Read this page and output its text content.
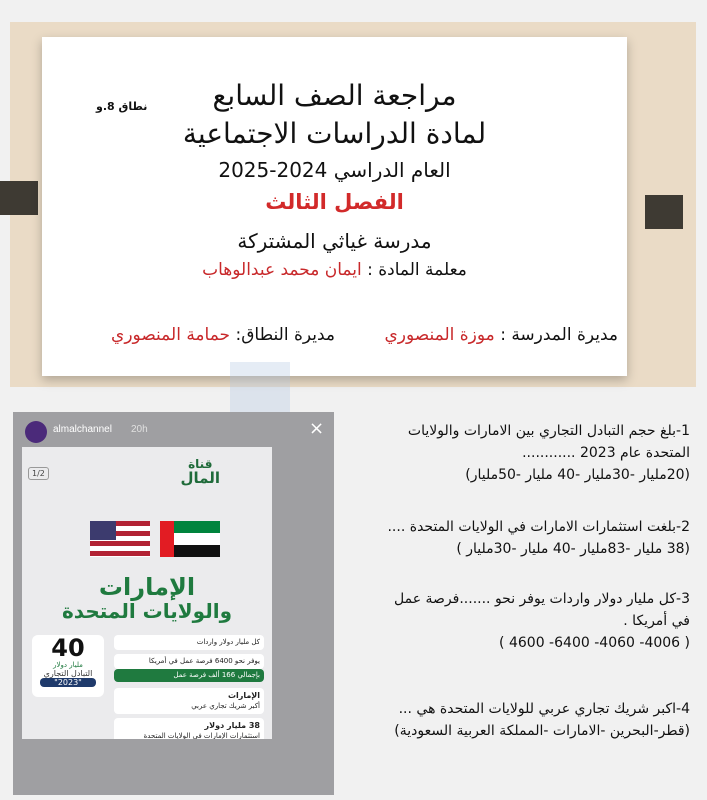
نطاق 8.و	مراجعة الصف السابع
لمادة الدراسات الاجتماعية
العام الدراسي 2024-2025
الفصل الثالث
مدرسة غياثي المشتركة
معلمة المادة : ايمان محمد عبدالوهاب
مديرة المدرسة : موزة المنصوري
مديرة النطاق: حمامة المنصوري
almalchannel 20h	×
1/2
قناة
المال
الإمارات
والولايات المتحدة
40
مليار دولار
التبادل التجاري
"2023"
كل مليار دولار واردات
يوفر نحو 6400 فرصة عمل في أمريكا
بإجمالي 166 ألف فرصة عمل
الإمارات
أكبر شريك تجاري عربي
38 مليار دولار
استثمارات الإمارات في الولايات المتحدة

1-بلغ حجم التبادل التجاري بين الامارات والولايات

المتحدة عام 2023 ............

(20مليار -30مليار -40 مليار -50مليار)

2-بلغت استثمارات الامارات في الولايات المتحدة ....

(38 مليار -83مليار -40 مليار -30مليار )

3-كل مليار دولار واردات يوفر نحو .......فرصة عمل

في أمريكا .

( 4006- 4060- 6400- 4600 )

4-اكبر شريك تجاري عربي للولايات المتحدة هي ...

(قطر-البحرين -الامارات -المملكة العربية السعودية)
